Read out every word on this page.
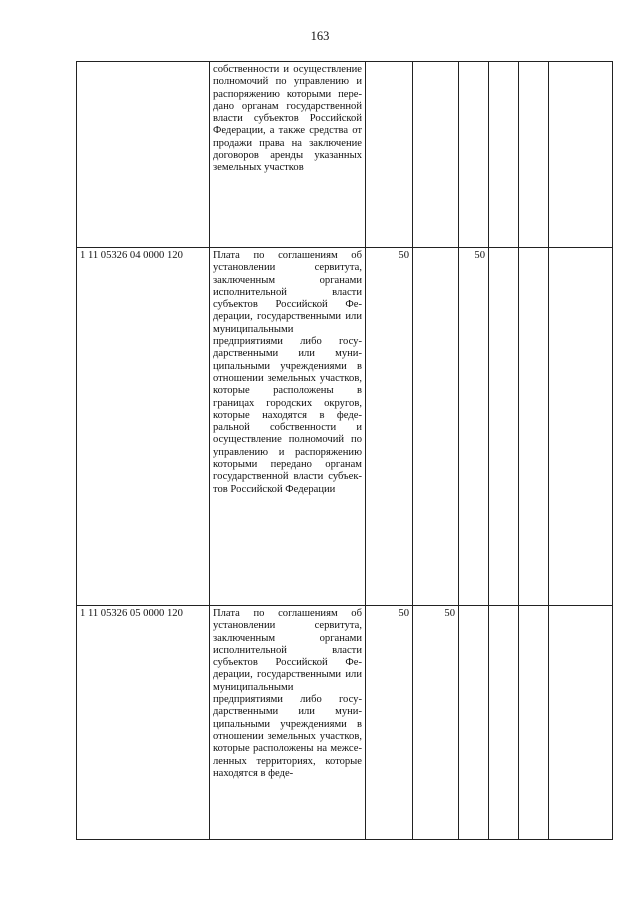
163
	собственности и осуществление полномочий по управлению и распоряжению которыми передано органам государственной власти субъектов Российской Федерации, а также средства от продажи права на заключение договоров аренды указанных земельных участков						
1 11 05326 04 0000 120	Плата по соглашениям об установлении сервитута, заключенным органами исполнительной власти субъектов Российской Федерации, государственными или муниципальными предприятиями либо государственными или муниципальными учреждениями в отношении земельных участков, которые расположены в границах городских округов, которые находятся в федеральной собственности и осуществление полномочий по управлению и распоряжению которыми передано органам государственной власти субъектов Российской Федерации	50		50			
1 11 05326 05 0000 120	Плата по соглашениям об установлении сервитута, заключенным органами исполнительной власти субъектов Российской Федерации, государственными или муниципальными предприятиями либо государственными или муниципальными учреждениями в отношении земельных участков, которые расположены на межселенных территориях, которые находятся в феде-	50	50				
